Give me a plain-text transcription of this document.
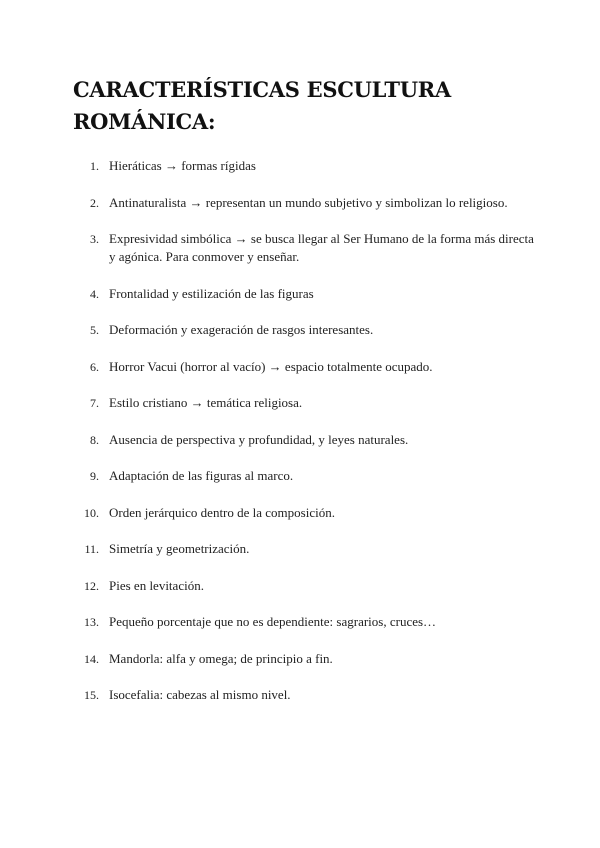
CARACTERÍSTICAS ESCULTURA ROMÁNICA:
1. Hieráticas → formas rígidas
2. Antinaturalista → representan un mundo subjetivo y simbolizan lo religioso.
3. Expresividad simbólica → se busca llegar al Ser Humano de la forma más directa y agónica. Para conmover y enseñar.
4. Frontalidad y estilización de las figuras
5. Deformación y exageración de rasgos interesantes.
6. Horror Vacui (horror al vacío) → espacio totalmente ocupado.
7. Estilo cristiano → temática religiosa.
8. Ausencia de perspectiva y profundidad, y leyes naturales.
9. Adaptación de las figuras al marco.
10. Orden jerárquico dentro de la composición.
11. Simetría y geometrización.
12. Pies en levitación.
13. Pequeño porcentaje que no es dependiente: sagrarios, cruces…
14. Mandorla: alfa y omega; de principio a fin.
15. Isocefalia: cabezas al mismo nivel.
